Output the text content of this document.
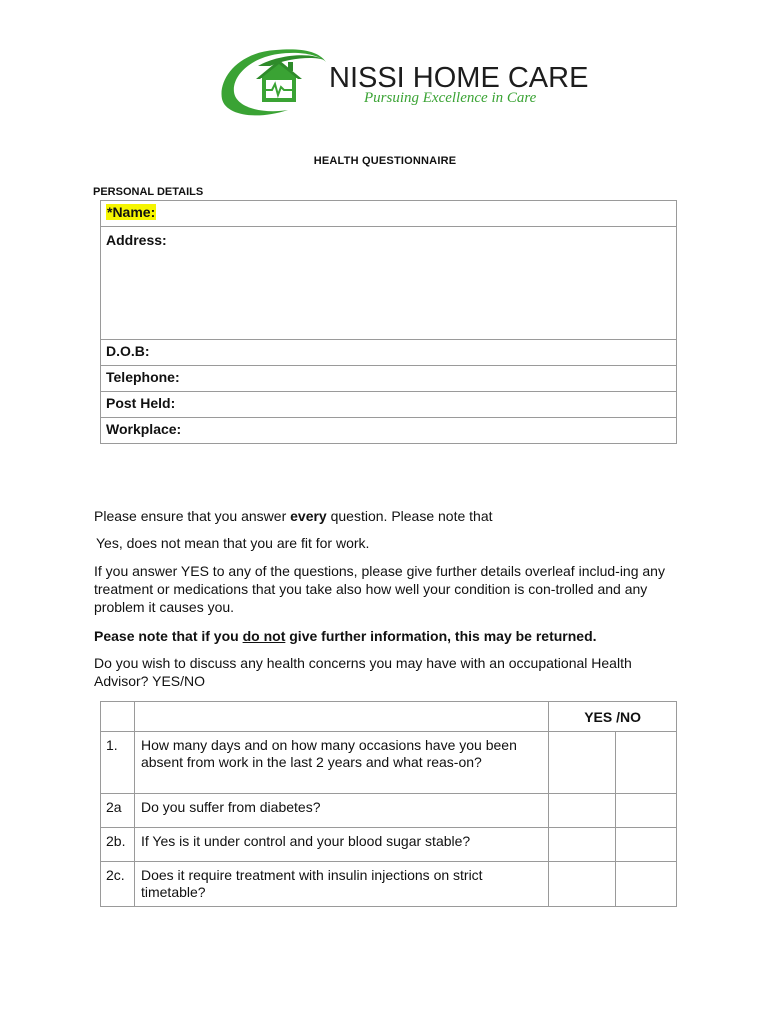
NISSI HOME CARE
Pursuing Excellence in Care
HEALTH QUESTIONNAIRE
PERSONAL DETAILS
*Name:
Address:
D.O.B:
Telephone:
Post Held:
Workplace:
Please ensure that you answer every question. Please note that
Yes, does not mean that you are fit for work.
If you answer YES to any of the questions, please give further details overleaf includ-ing any treatment or medications that you take also how well your condition is con-trolled and any problem it causes you.
Pease note that if you do not give further information, this may be returned.
Do you wish to discuss any health concerns you may have with an occupational Health Advisor? YES/NO
		YES /NO	
1.	How many days and on how many occasions have you been absent from work in the last 2 years and what reas-on?		
2a	Do you suffer from diabetes?		
2b.	If Yes is it under control and your blood sugar stable?		
2c.	Does it require treatment with insulin injections on strict timetable?		
